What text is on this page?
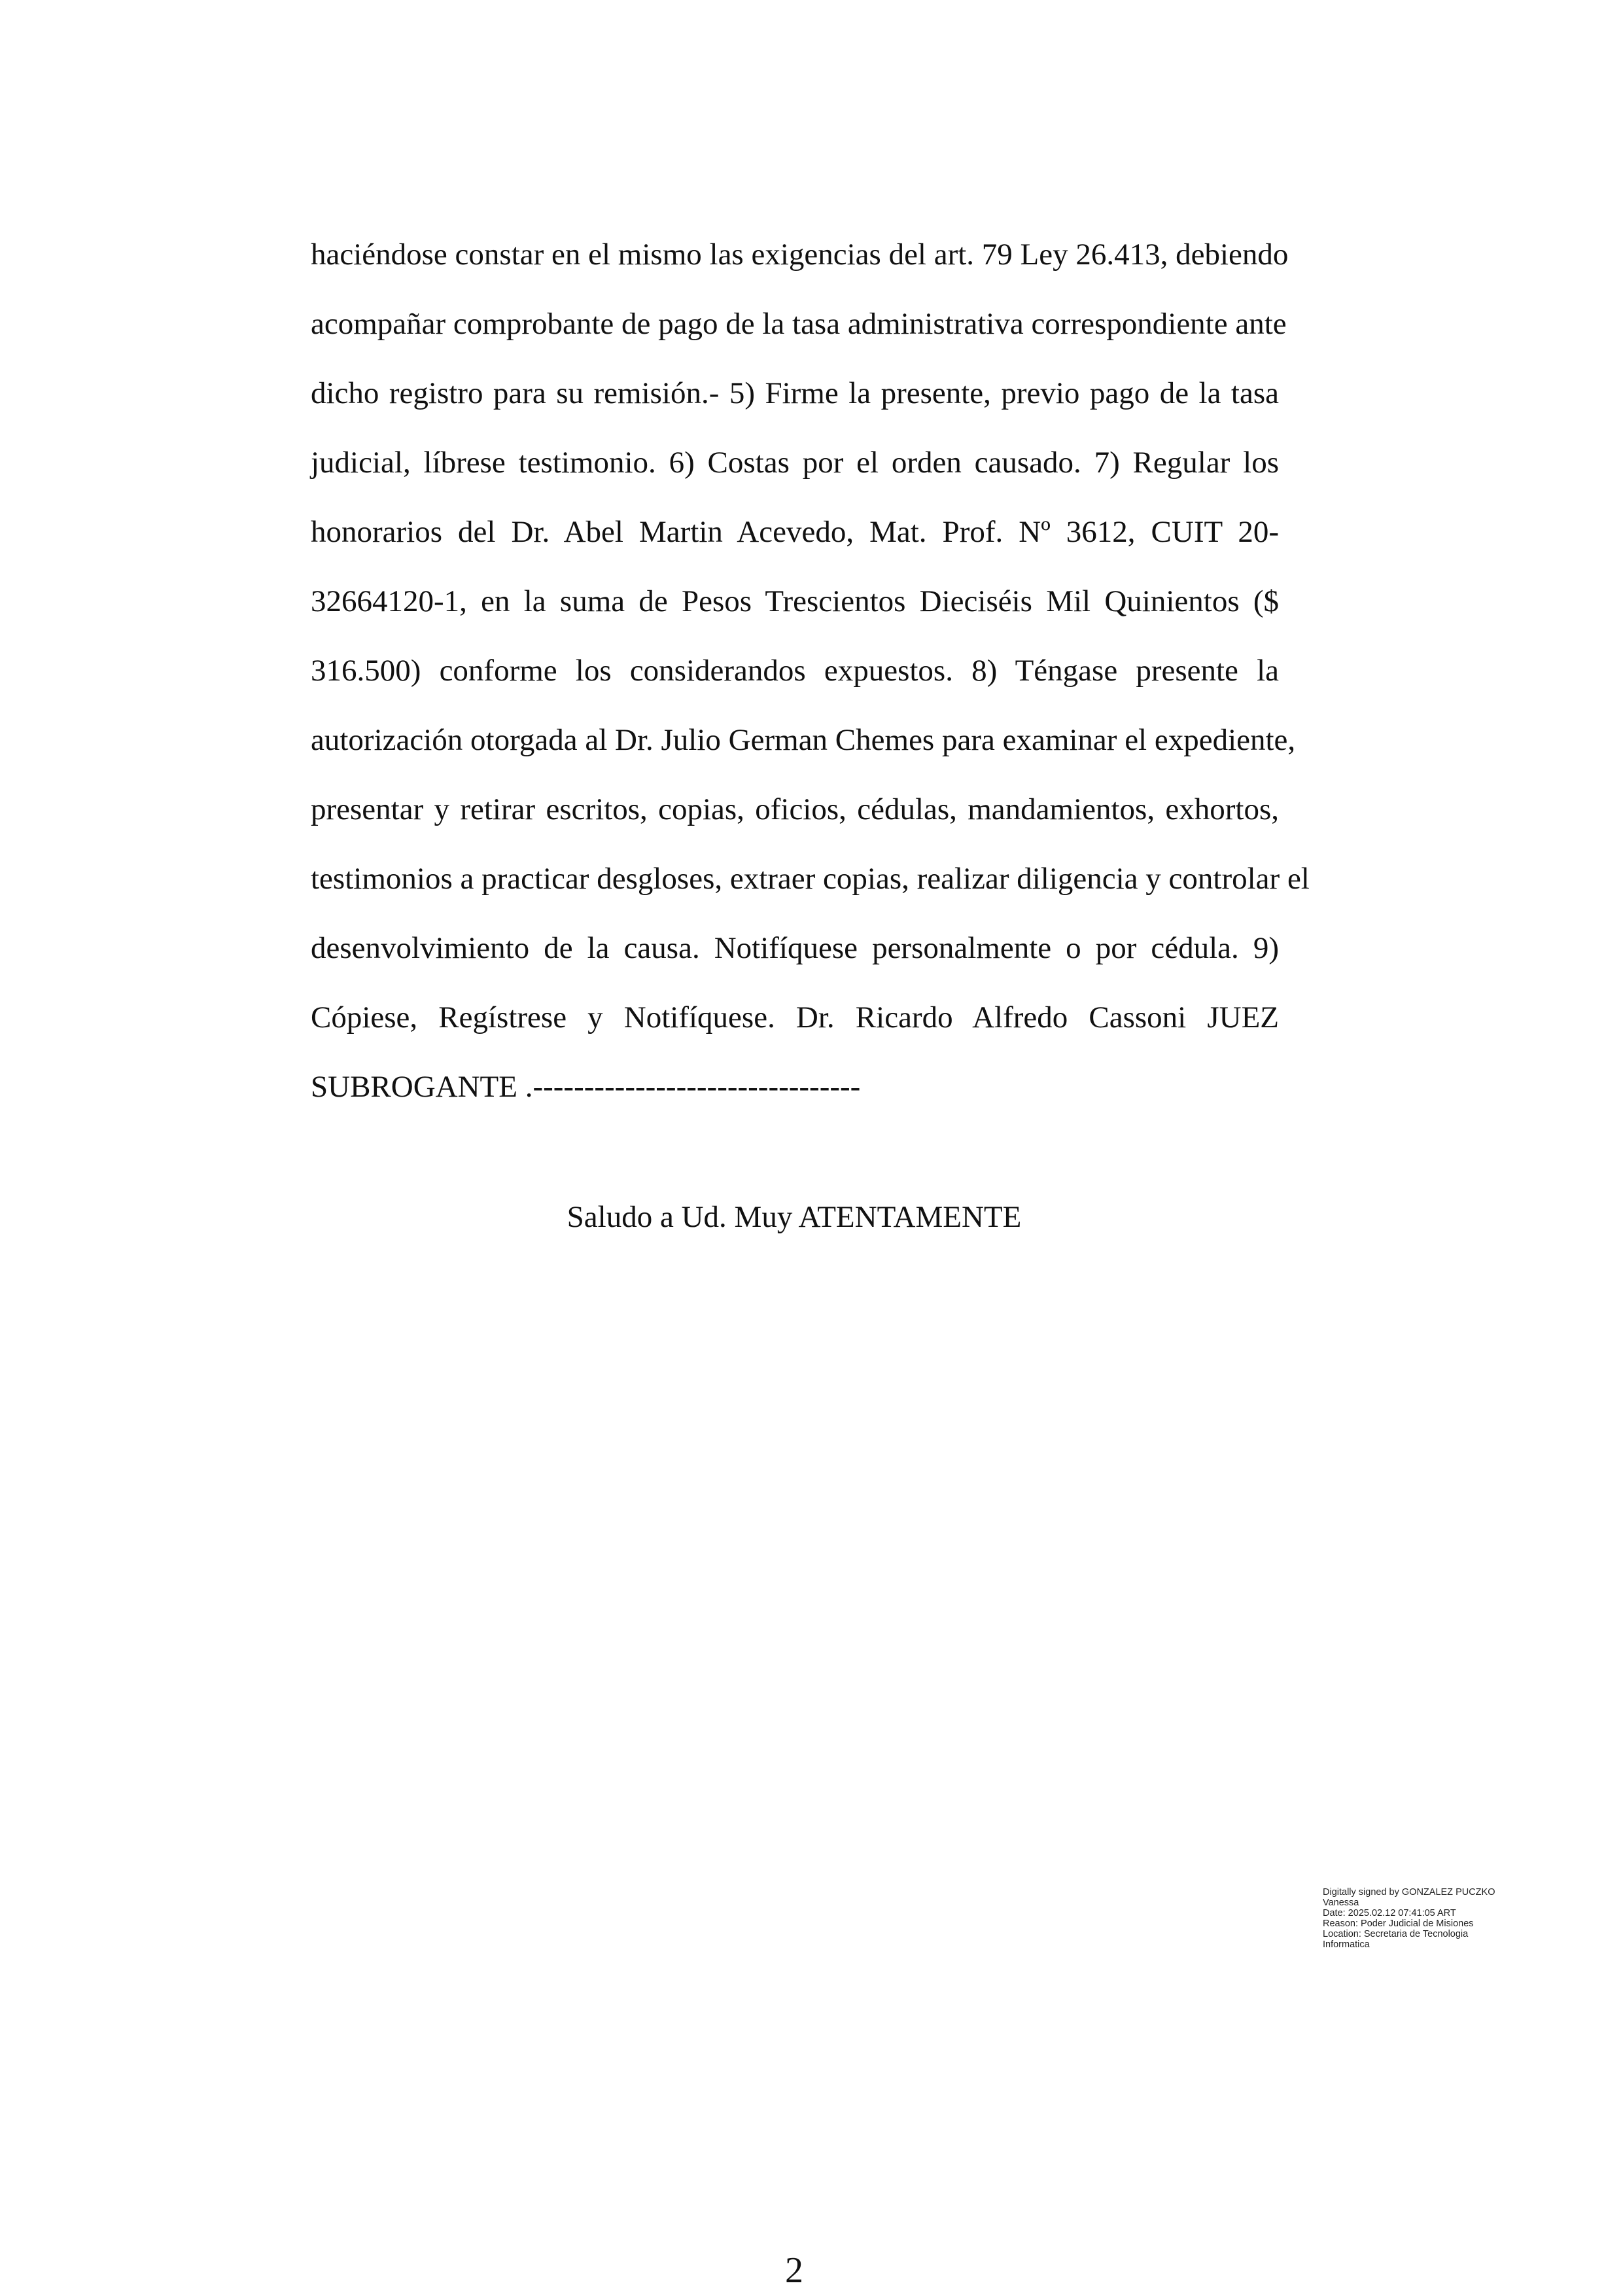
haciéndose constar en el mismo las exigencias del art. 79 Ley 26.413, debiendo
acompañar comprobante de pago de la tasa administrativa correspondiente ante
dicho registro para su remisión.- 5) Firme la presente, previo pago de la tasa
judicial, líbrese testimonio. 6) Costas por el orden causado. 7) Regular los
honorarios del Dr. Abel Martin Acevedo, Mat. Prof. Nº 3612, CUIT 20-
32664120-1, en la suma de Pesos Trescientos Dieciséis Mil Quinientos ($
316.500) conforme los considerandos expuestos. 8) Téngase presente la
autorización otorgada al Dr. Julio German Chemes para examinar el expediente,
presentar y retirar escritos, copias, oficios, cédulas, mandamientos, exhortos,
testimonios a practicar desgloses, extraer copias, realizar diligencia y controlar el
desenvolvimiento de la causa. Notifíquese personalmente o por cédula. 9)
Cópiese, Regístrese y Notifíquese. Dr. Ricardo Alfredo Cassoni JUEZ
SUBROGANTE .--------------------------------
Saludo a Ud. Muy ATENTAMENTE
Digitally signed by GONZALEZ PUCZKO
Vanessa
Date: 2025.02.12 07:41:05 ART
Reason: Poder Judicial de Misiones
Location: Secretaria de Tecnologia
Informatica
2
